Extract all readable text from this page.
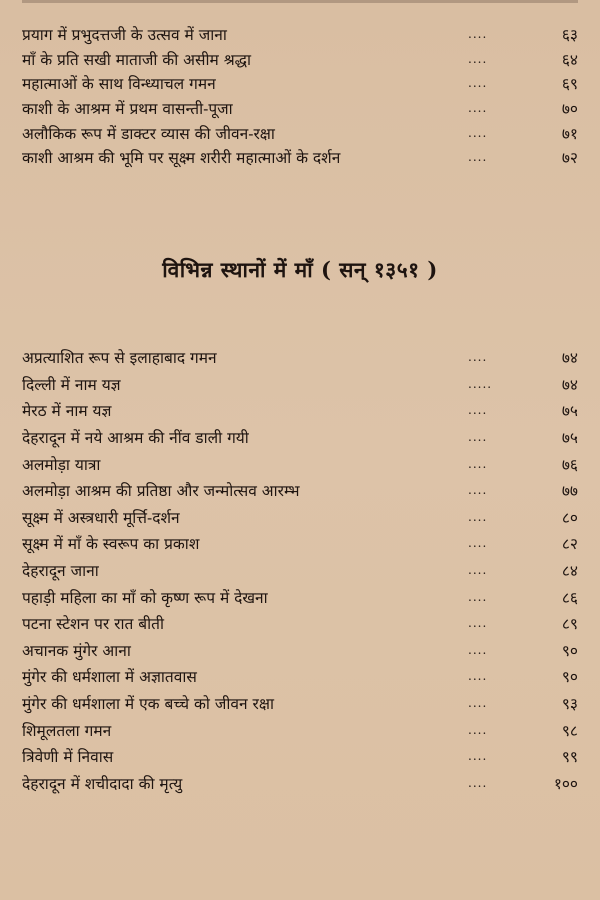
प्रयाग में प्रभुदत्तजी के उत्सव में जाना	....	६३
माँ के प्रति सखी माताजी की असीम श्रद्धा	....	६४
महात्माओं के साथ विन्ध्याचल गमन	....	६९
काशी के आश्रम में प्रथम वासन्ती-पूजा	....	७०
अलौकिक रूप में डाक्टर व्यास की जीवन-रक्षा	....	७१
काशी आश्रम की भूमि पर सूक्ष्म शरीरी महात्माओं के दर्शन	....	७२
विभिन्न स्थानों में माँ ( सन् १३५१ )
अप्रत्याशित रूप से इलाहाबाद गमन	....	७४
दिल्ली में नाम यज्ञ	.....	७४
मेरठ में नाम यज्ञ	....	७५
देहरादून में नये आश्रम की नींव डाली गयी	....	७५
अलमोड़ा यात्रा	....	७६
अलमोड़ा आश्रम की प्रतिष्ठा और जन्मोत्सव आरम्भ	....	७७
सूक्ष्म में अस्त्रधारी मूर्त्ति-दर्शन	....	८०
सूक्ष्म में माँ के स्वरूप का प्रकाश	....	८२
देहरादून जाना	....	८४
पहाड़ी महिला का माँ को कृष्ण रूप में देखना	....	८६
पटना स्टेशन पर रात बीती	....	८९
अचानक मुंगेर आना	....	९०
मुंगेर की धर्मशाला में अज्ञातवास	....	९०
मुंगेर की धर्मशाला में एक बच्चे को जीवन रक्षा	....	९३
शिमूलतला गमन	....	९८
त्रिवेणी में निवास	....	९९
देहरादून में शचीदादा की मृत्यु	....	१००
